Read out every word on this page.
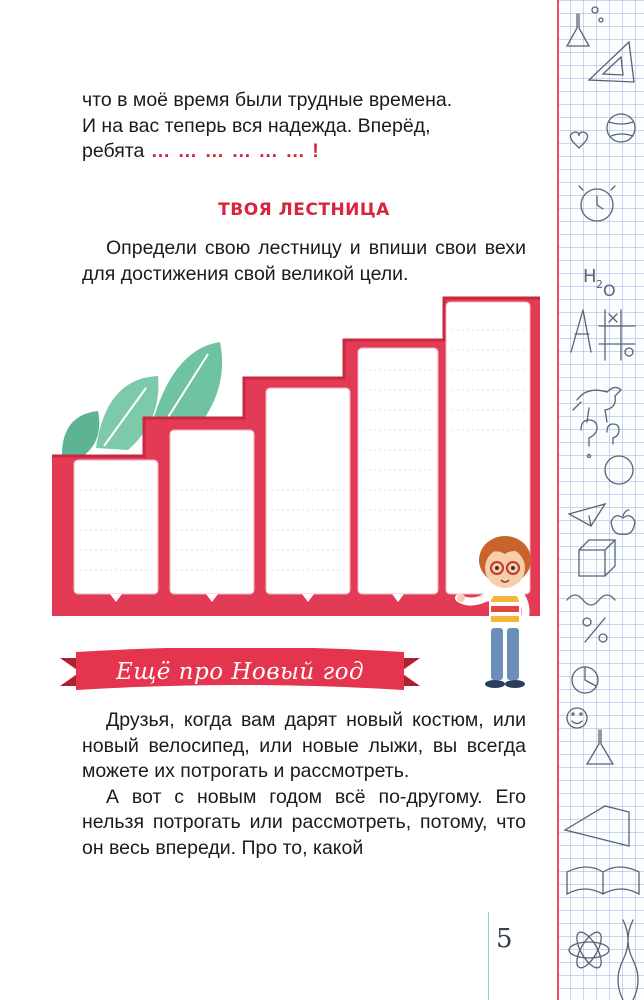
H 2 O

что в моё время были трудные времена.

И на вас теперь вся надежда. Вперёд,

ребята … … … … … … !

ТВОЯ ЛЕСТНИЦА

Определи свою лестницу и впиши свои вехи для достижения свой великой цели.

Ещё про Новый год

Друзья, когда вам дарят новый костюм, или новый велосипед, или новые лыжи, вы всегда можете их потрогать и рассмотреть.

А вот с новым годом всё по-другому. Его нельзя потрогать или рассмотреть, потому, что он весь впереди. Про то, какой

5
